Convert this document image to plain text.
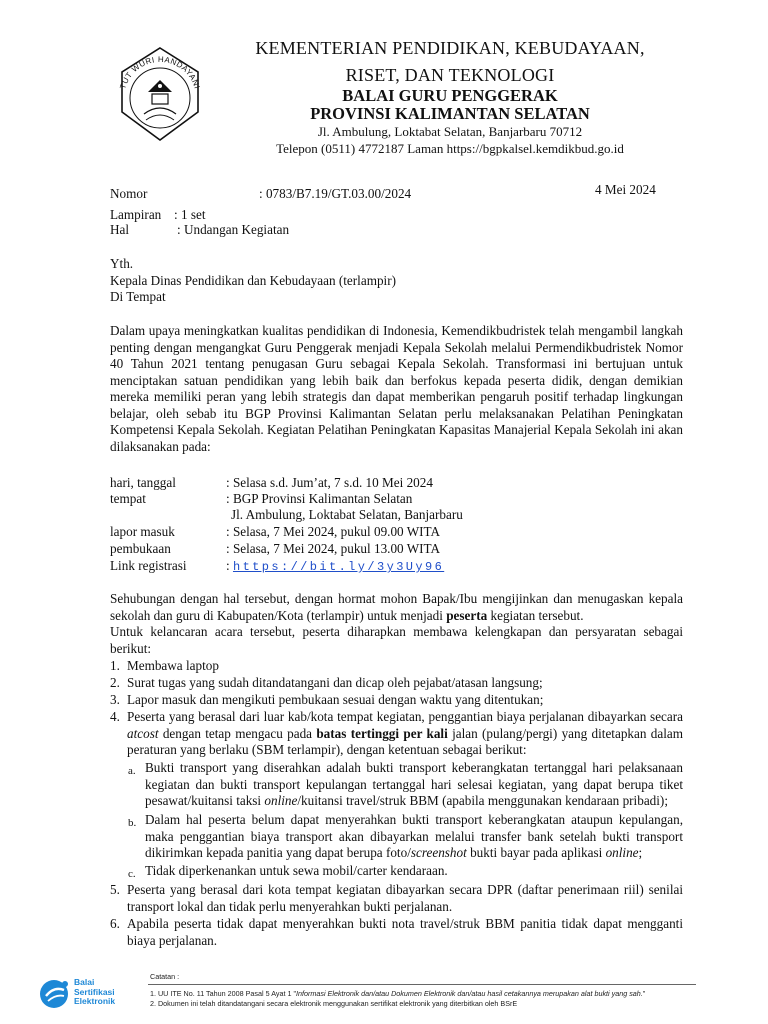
TUT WURI HANDAYANI
KEMENTERIAN PENDIDIKAN, KEBUDAYAAN,
RISET, DAN TEKNOLOGI
BALAI GURU PENGGERAK
PROVINSI KALIMANTAN SELATAN
Jl. Ambulung, Loktabat Selatan, Banjarbaru 70712
Telepon (0511) 4772187 Laman https://bgpkalsel.kemdikbud.go.id
4 Mei 2024
Nomor	: 0783/B7.19/GT.03.00/2024
Lampiran : 1 set
Hal	: Undangan Kegiatan
Yth.
Kepala Dinas Pendidikan dan Kebudayaan (terlampir)
Di Tempat
Dalam upaya meningkatkan kualitas pendidikan di Indonesia, Kemendikbudristek telah mengambil langkah penting dengan mengangkat Guru Penggerak menjadi Kepala Sekolah melalui Permendikbudristek Nomor 40 Tahun 2021 tentang penugasan Guru sebagai Kepala Sekolah. Transformasi ini bertujuan untuk menciptakan satuan pendidikan yang lebih baik dan berfokus kepada peserta didik, dengan demikian mereka memiliki peran yang lebih strategis dan dapat memberikan pengaruh positif terhadap lingkungan belajar, oleh sebab itu BGP Provinsi Kalimantan Selatan perlu melaksanakan Pelatihan Peningkatan Kompetensi Kepala Sekolah. Kegiatan Pelatihan Peningkatan Kapasitas Manajerial Kepala Sekolah ini akan dilaksanakan pada:
hari, tanggal	: Selasa s.d. Jum’at, 7 s.d. 10 Mei 2024
tempat	: BGP Provinsi Kalimantan Selatan
Jl. Ambulung, Loktabat Selatan, Banjarbaru
lapor masuk	: Selasa, 7 Mei 2024, pukul 09.00 WITA
pembukaan	: Selasa, 7 Mei 2024, pukul 13.00 WITA
Link registrasi	: https://bit.ly/3y3Uy96
Sehubungan dengan hal tersebut, dengan hormat mohon Bapak/Ibu mengijinkan dan menugaskan kepala sekolah dan guru di Kabupaten/Kota (terlampir) untuk menjadi peserta kegiatan tersebut.
Untuk kelancaran acara tersebut, peserta diharapkan membawa kelengkapan dan persyaratan sebagai berikut:
1. Membawa laptop
2. Surat tugas yang sudah ditandatangani dan dicap oleh pejabat/atasan langsung;
3. Lapor masuk dan mengikuti pembukaan sesuai dengan waktu yang ditentukan;
4. Peserta yang berasal dari luar kab/kota tempat kegiatan, penggantian biaya perjalanan dibayarkan secara atcost dengan tetap mengacu pada batas tertinggi per kali jalan (pulang/pergi) yang ditetapkan dalam peraturan yang berlaku (SBM terlampir), dengan ketentuan sebagai berikut:
a. Bukti transport yang diserahkan adalah bukti transport keberangkatan tertanggal hari pelaksanaan kegiatan dan bukti transport kepulangan tertanggal hari selesai kegiatan, yang dapat berupa tiket pesawat/kuitansi taksi online/kuitansi travel/struk BBM (apabila menggunakan kendaraan pribadi);
b. Dalam hal peserta belum dapat menyerahkan bukti transport keberangkatan ataupun kepulangan, maka penggantian biaya transport akan dibayarkan melalui transfer bank setelah bukti transport dikirimkan kepada panitia yang dapat berupa foto/screenshot bukti bayar pada aplikasi online;
c. Tidak diperkenankan untuk sewa mobil/carter kendaraan.
5. Peserta yang berasal dari kota tempat kegiatan dibayarkan secara DPR (daftar penerimaan riil) senilai transport lokal dan tidak perlu menyerahkan bukti perjalanan.
6. Apabila peserta tidak dapat menyerahkan bukti nota travel/struk BBM panitia tidak dapat mengganti biaya perjalanan.
Balai
Sertifikasi
Elektronik
Catatan :
1. UU ITE No. 11 Tahun 2008 Pasal 5 Ayat 1 "Informasi Elektronik dan/atau Dokumen Elektronik dan/atau hasil cetakannya merupakan alat bukti yang sah."
2. Dokumen ini telah ditandatangani secara elektronik menggunakan sertifikat elektronik yang diterbitkan oleh BSrE
